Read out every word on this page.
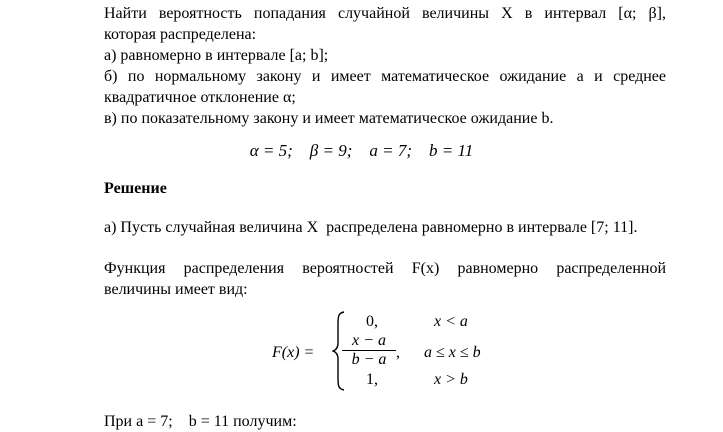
Найти вероятность попадания случайной величины X в интервал [α; β],
которая распределена:
а) равномерно в интервале [a; b];
б) по нормальному закону и имеет математическое ожидание a и среднее
квадратичное отклонение α;
в) по показательному закону и имеет математическое ожидание b.
α = 5;    β = 9;    a = 7;    b = 11
Решение
а) Пусть случайная величина X  распределена равномерно в интервале [7; 11].
Функция распределения вероятностей F(x) равномерно распределенной
величины имеет вид:
F(x) =
0,	x < a
$\frac{x - a}{b - a}$ , a ≤ x ≤ b
1,	x > b
При a = 7;    b = 11 получим:
